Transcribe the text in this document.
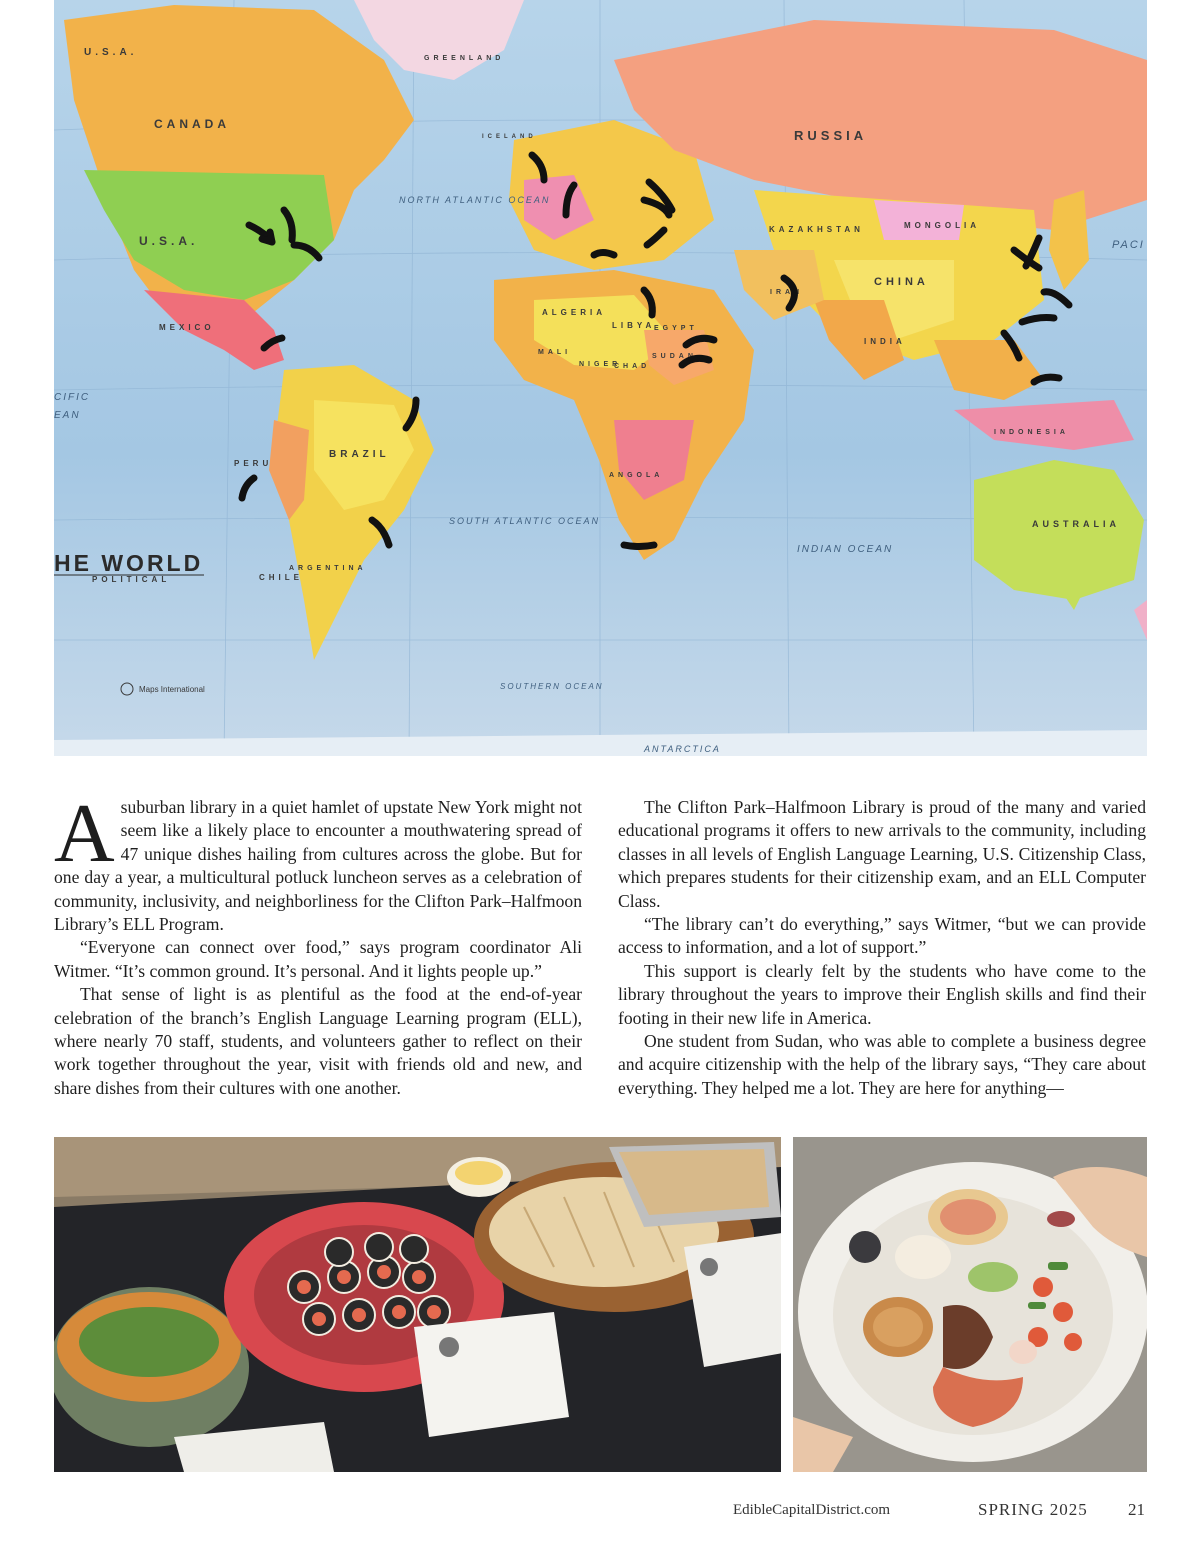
U.S.A.
CANADA
U.S.A.
RUSSIA
CHINA
BRAZIL
AUSTRALIA
INDIA
KAZAKHSTAN	MONGOLIA
MEXICO
PERU
CHILE
ARGENTINA
ALGERIA
LIBYA
EGYPT
SUDAN
CHAD
NIGER
MALI
ANGOLA
IRAN
INDONESIA
GREENLAND
ICELAND
NORTH ATLANTIC OCEAN
SOUTH ATLANTIC OCEAN
INDIAN OCEAN
SOUTHERN OCEAN
CIFIC
EAN
PACI
ANTARCTICA
HE WORLD
POLITICAL
Maps International

Asuburban library in a quiet hamlet of upstate New York might not seem like a likely place to encounter a mouthwatering spread of 47 unique dishes hailing from cultures across the globe. But for one day a year, a multicultural potluck luncheon serves as a celebration of community, inclusivity, and neighborliness for the Clifton Park–Halfmoon Library’s ELL Program.

“Everyone can connect over food,” says program coordinator Ali Witmer. “It’s common ground. It’s personal. And it lights people up.”

That sense of light is as plentiful as the food at the end-of-year celebration of the branch’s English Language Learning program (ELL), where nearly 70 staff, students, and volunteers gather to reflect on their work together throughout the year, visit with friends old and new, and share dishes from their cultures with one another.

The Clifton Park–Halfmoon Library is proud of the many and varied educational programs it offers to new arrivals to the community, including classes in all levels of English Language Learning, U.S. Citizenship Class, which prepares students for their citizenship exam, and an ELL Computer Class.

“The library can’t do everything,” says Witmer, “but we can provide access to information, and a lot of support.”

This support is clearly felt by the students who have come to the library throughout the years to improve their English skills and find their footing in their new life in America.

One student from Sudan, who was able to complete a business degree and acquire citizenship with the help of the library says, “They care about everything. They helped me a lot. They are here for anything—

EdibleCapitalDistrict.com	SPRING 2025 21
